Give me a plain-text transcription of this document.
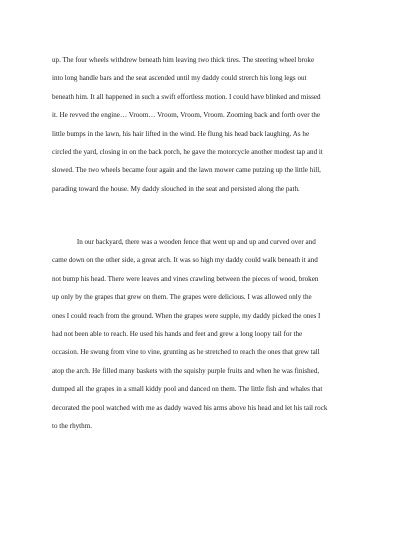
up. The four wheels withdrew beneath him leaving two thick tires. The steering wheel broke
into long handle bars and the seat ascended until my daddy could strerch his long legs out
beneath him. It all happened in such a swift effortless motion. I could have blinked and missed
it. He revved the engine… Vroom… Vroom, Vroom, Vroom. Zooming back and forth over the
little bumps in the lawn, his hair lifted in the wind. He flung his head back laughing. As he
circled the yard, closing in on the back porch, he gave the motorcycle another modest tap and it
slowed. The two wheels became four again and the lawn mower came putzing up the little hill,
parading toward the house. My daddy slouched in the seat and persisted along the path.

In our backyard, there was a wooden fence that went up and up and curved over and
came down on the other side, a great arch. It was so high my daddy could walk beneath it and
not bump his head. There were leaves and vines crawling between the pieces of wood, broken
up only by the grapes that grew on them. The grapes were delicious. I was allowed only the
ones I could reach from the ground. When the grapes were supple, my daddy picked the ones I
had not been able to reach. He used his hands and feet and grew a long loopy tail for the
occasion. He swung from vine to vine, grunting as he stretched to reach the ones that grew tall
atop the arch. He filled many baskets with the squishy purple fruits and when he was finished,
dumped all the grapes in a small kiddy pool and danced on them. The little fish and whales that
decorated the pool watched with me as daddy waved his arms above his head and let his tail rock
to the rhythm.
